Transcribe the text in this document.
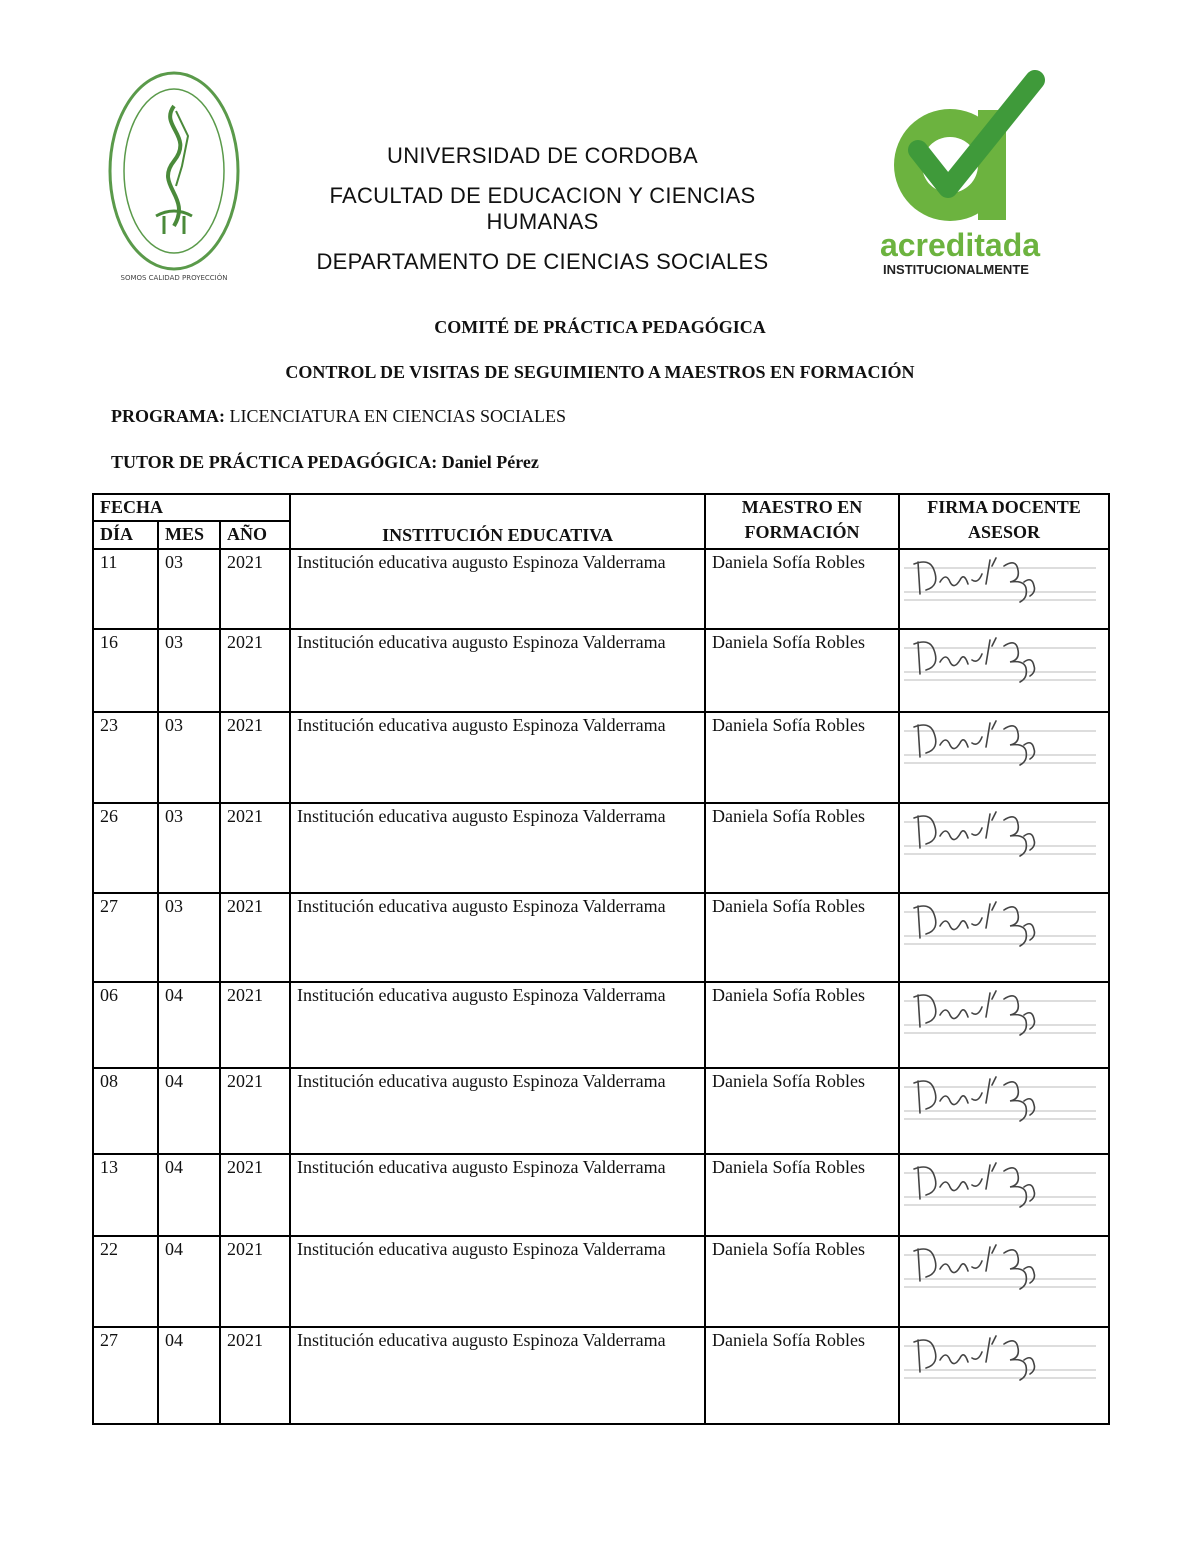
SOMOS CALIDAD PROYECCIÓN
acreditada
INSTITUCIONALMENTE
UNIVERSIDAD DE CORDOBA
FACULTAD DE EDUCACION Y CIENCIAS HUMANAS
DEPARTAMENTO DE CIENCIAS SOCIALES
COMITÉ DE PRÁCTICA PEDAGÓGICA
CONTROL DE VISITAS DE SEGUIMIENTO A MAESTROS EN FORMACIÓN
PROGRAMA: LICENCIATURA EN CIENCIAS SOCIALES
TUTOR DE PRÁCTICA PEDAGÓGICA: Daniel Pérez
FECHA			INSTITUCIÓN EDUCATIVA	MAESTRO EN FORMACIÓN	FIRMA DOCENTE ASESOR
DÍA	MES	AÑO			
11	03	2021	Institución educativa augusto Espinoza Valderrama	Daniela Sofía Robles	

16	03	2021	Institución educativa augusto Espinoza Valderrama	Daniela Sofía Robles	

23	03	2021	Institución educativa augusto Espinoza Valderrama	Daniela Sofía Robles	

26	03	2021	Institución educativa augusto Espinoza Valderrama	Daniela Sofía Robles	

27	03	2021	Institución educativa augusto Espinoza Valderrama	Daniela Sofía Robles	

06	04	2021	Institución educativa augusto Espinoza Valderrama	Daniela Sofía Robles	

08	04	2021	Institución educativa augusto Espinoza Valderrama	Daniela Sofía Robles	

13	04	2021	Institución educativa augusto Espinoza Valderrama	Daniela Sofía Robles	

22	04	2021	Institución educativa augusto Espinoza Valderrama	Daniela Sofía Robles	

27	04	2021	Institución educativa augusto Espinoza Valderrama	Daniela Sofía Robles	
